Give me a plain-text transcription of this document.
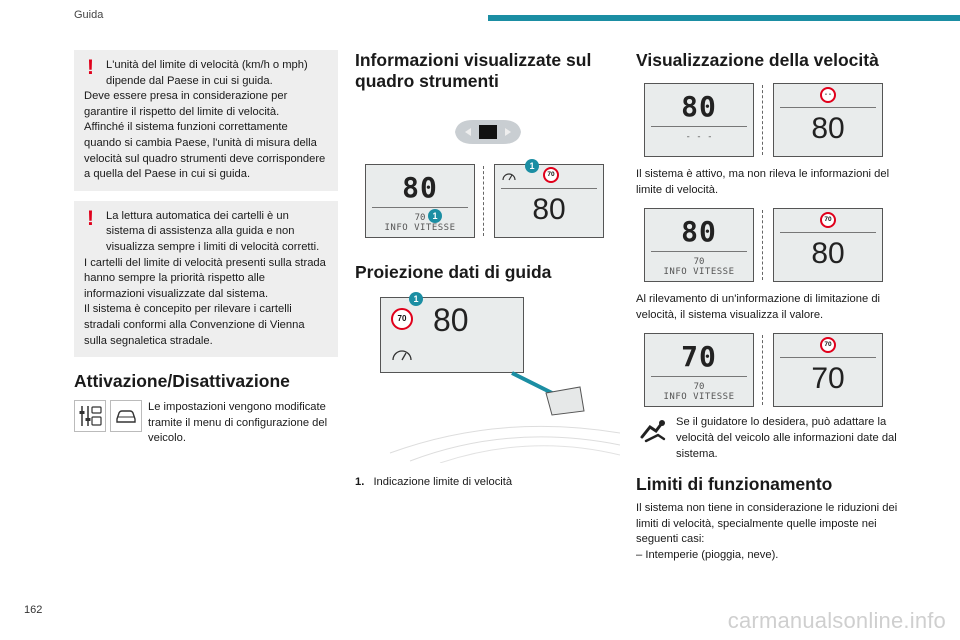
Guida
!	L'unità del limite di velocità (km/h o mph) dipende dal Paese in cui si guida.

Deve essere presa in considerazione per garantire il rispetto del limite di velocità.

Affinché il sistema funzioni correttamente quando si cambia Paese, l'unità di misura della velocità sul quadro strumenti deve corrispondere a quella del Paese in cui si guida.

!	La lettura automatica dei cartelli è un sistema di assistenza alla guida e non visualizza sempre i limiti di velocità corretti.

I cartelli del limite di velocità presenti sulla strada hanno sempre la priorità rispetto alle informazioni visualizzate dal sistema.

Il sistema è concepito per rilevare i cartelli stradali conformi alla Convenzione di Vienna sulla segnaletica stradale.

Attivazione/Disattivazione
Le impostazioni vengono modificate tramite il menu di configurazione del veicolo.
Informazioni visualizzate sul quadro strumenti
80
70
INFO VITESSE
1
1
70
80
Proiezione dati di guida
1
70 80
1. Indicazione limite di velocità
Visualizzazione della velocità
80
- - -
- -
80

Il sistema è attivo, ma non rileva le informazioni del limite di velocità.

80
70
INFO VITESSE
70
80

Al rilevamento di un'informazione di limitazione di velocità, il sistema visualizza il valore.

70
70
INFO VITESSE
70
70
Se il guidatore lo desidera, può adattare la velocità del veicolo alle informazioni date dal sistema.
Limiti di funzionamento

Il sistema non tiene in considerazione le riduzioni dei limiti di velocità, specialmente quelle imposte nei seguenti casi:

– Intemperie (pioggia, neve).

162	carmanualsonline.info
